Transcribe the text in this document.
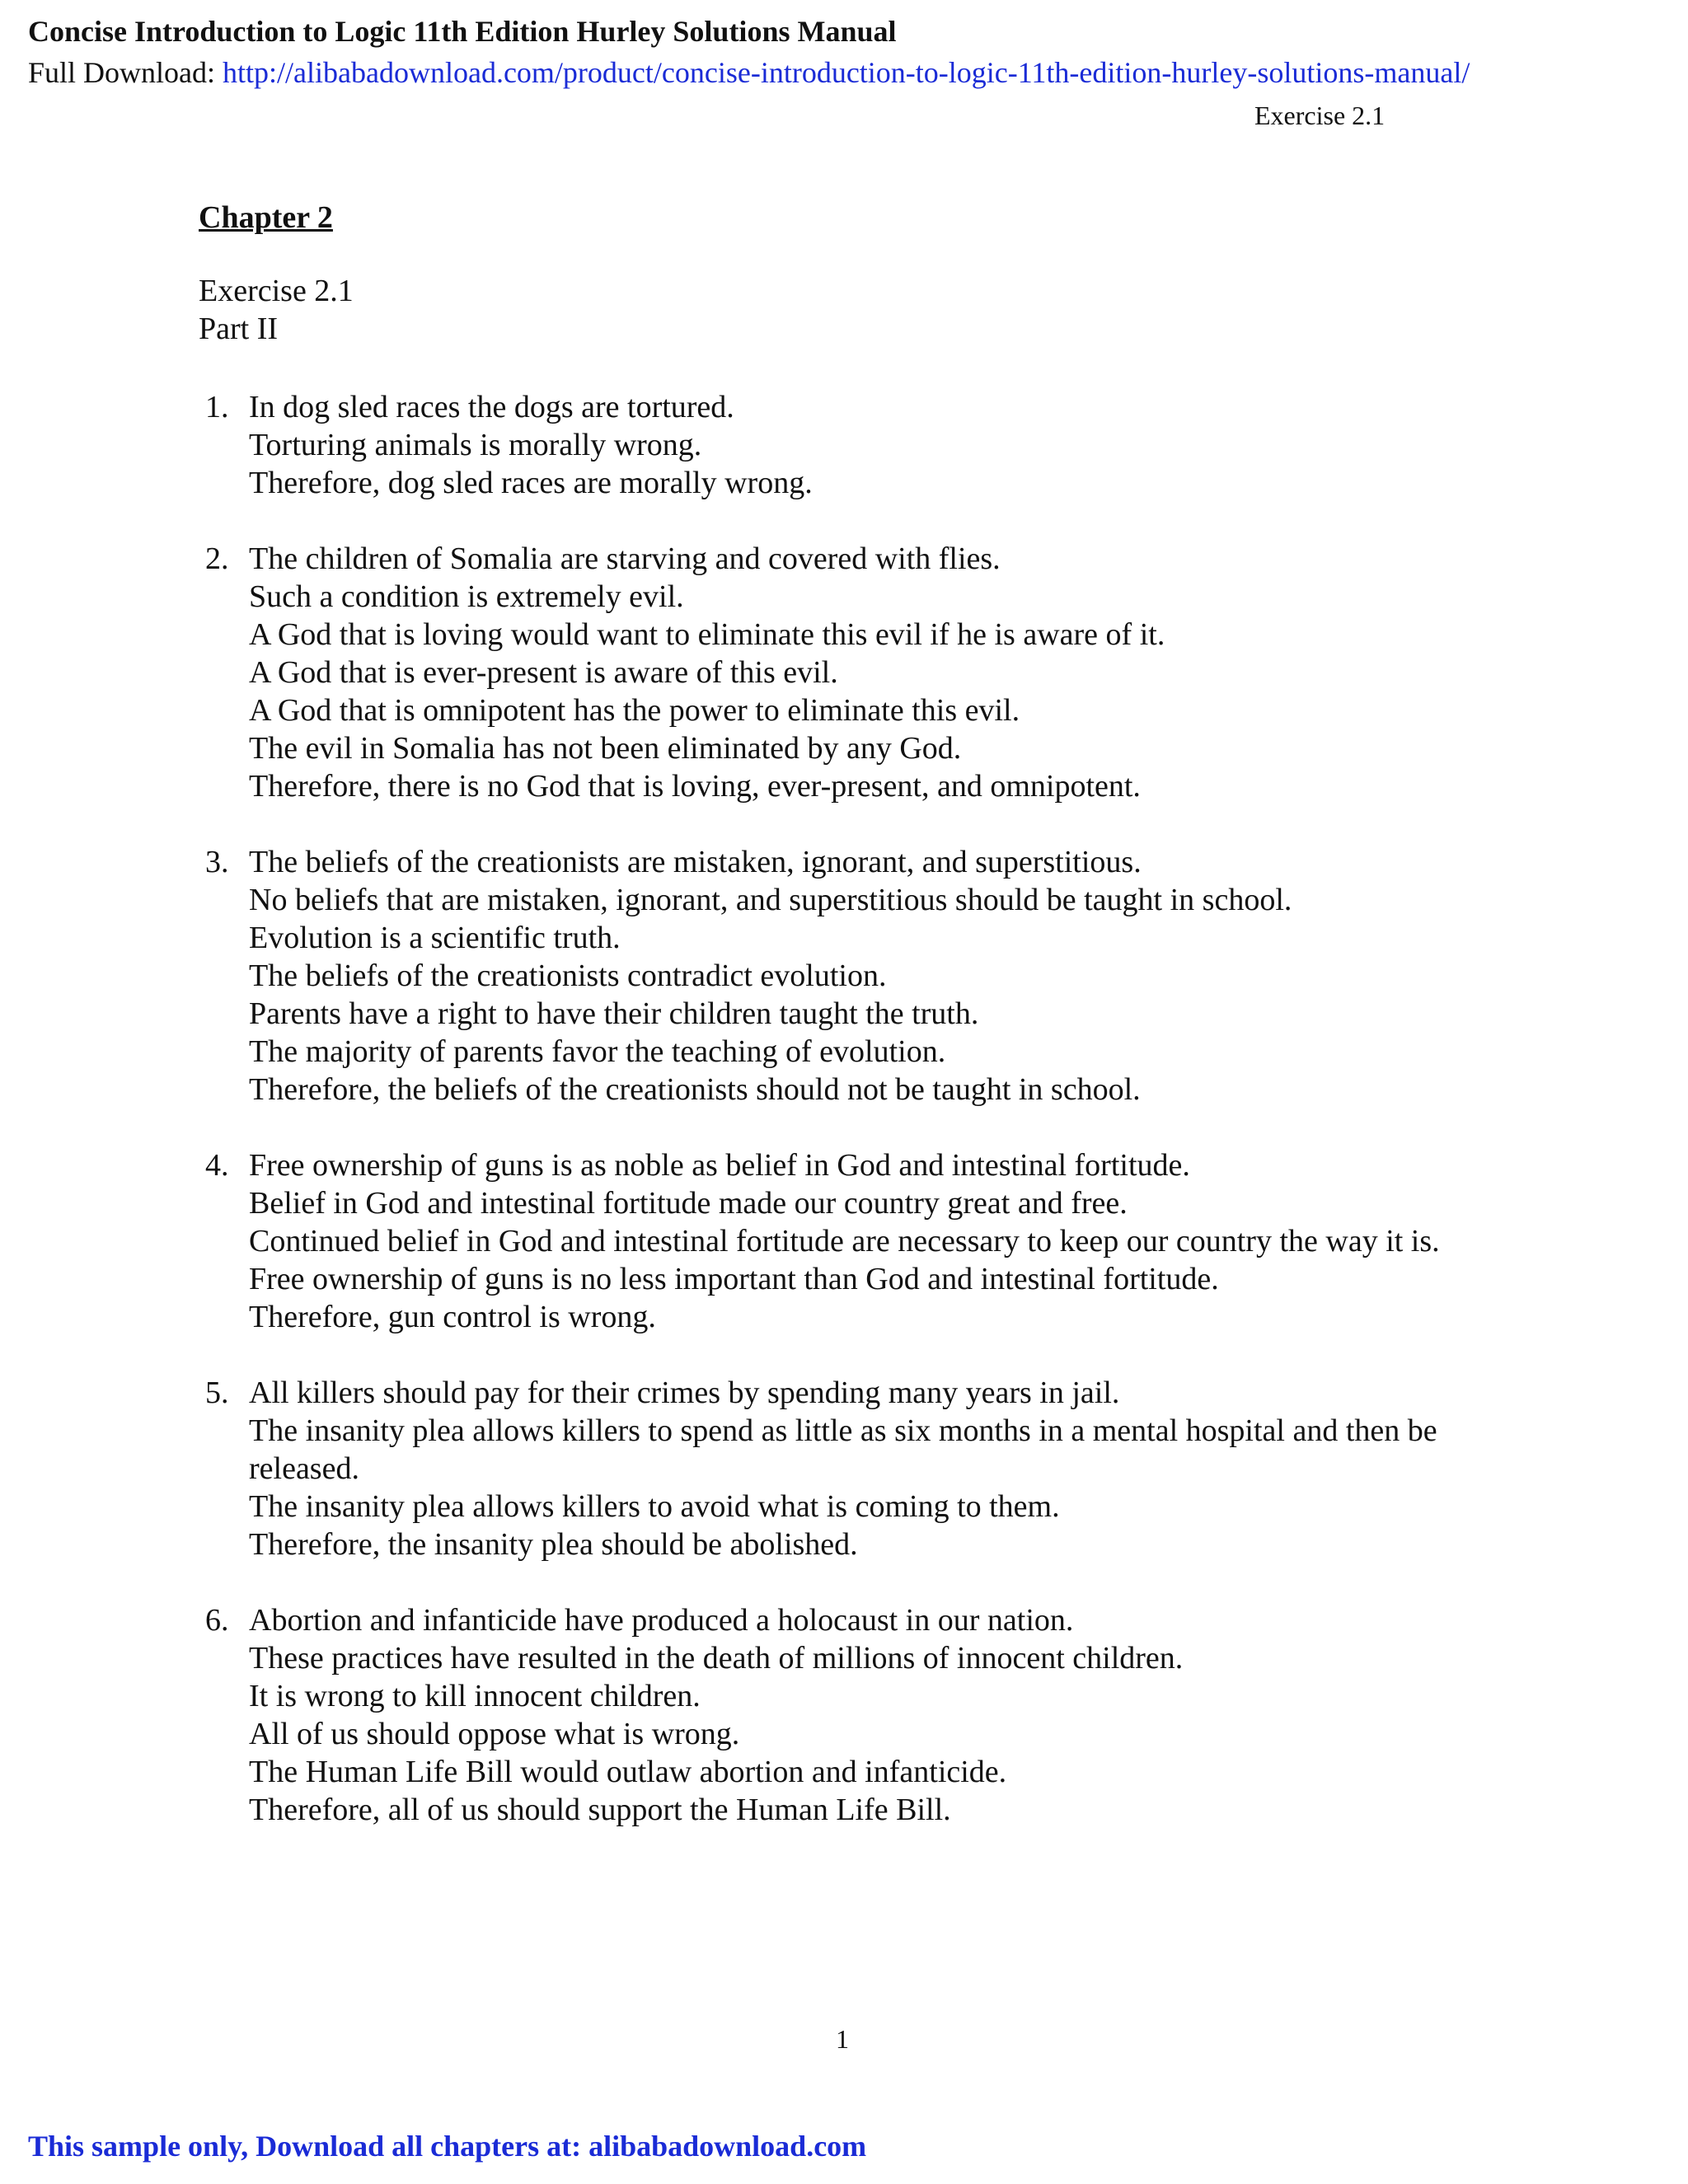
Concise Introduction to Logic 11th Edition Hurley Solutions Manual
Full Download: http://alibabadownload.com/product/concise-introduction-to-logic-11th-edition-hurley-solutions-manual/
Exercise 2.1
Chapter 2
Exercise 2.1
Part II
1. In dog sled races the dogs are tortured.
Torturing animals is morally wrong.
Therefore, dog sled races are morally wrong.
2. The children of Somalia are starving and covered with flies.
Such a condition is extremely evil.
A God that is loving would want to eliminate this evil if he is aware of it.
A God that is ever-present is aware of this evil.
A God that is omnipotent has the power to eliminate this evil.
The evil in Somalia has not been eliminated by any God.
Therefore, there is no God that is loving, ever-present, and omnipotent.
3. The beliefs of the creationists are mistaken, ignorant, and superstitious.
No beliefs that are mistaken, ignorant, and superstitious should be taught in school.
Evolution is a scientific truth.
The beliefs of the creationists contradict evolution.
Parents have a right to have their children taught the truth.
The majority of parents favor the teaching of evolution.
Therefore, the beliefs of the creationists should not be taught in school.
4. Free ownership of guns is as noble as belief in God and intestinal fortitude.
Belief in God and intestinal fortitude made our country great and free.
Continued belief in God and intestinal fortitude are necessary to keep our country the way it is.
Free ownership of guns is no less important than God and intestinal fortitude.
Therefore, gun control is wrong.
5. All killers should pay for their crimes by spending many years in jail.
The insanity plea allows killers to spend as little as six months in a mental hospital and then be released.
The insanity plea allows killers to avoid what is coming to them.
Therefore, the insanity plea should be abolished.
6. Abortion and infanticide have produced a holocaust in our nation.
These practices have resulted in the death of millions of innocent children.
It is wrong to kill innocent children.
All of us should oppose what is wrong.
The Human Life Bill would outlaw abortion and infanticide.
Therefore, all of us should support the Human Life Bill.
1
This sample only, Download all chapters at: alibabadownload.com
